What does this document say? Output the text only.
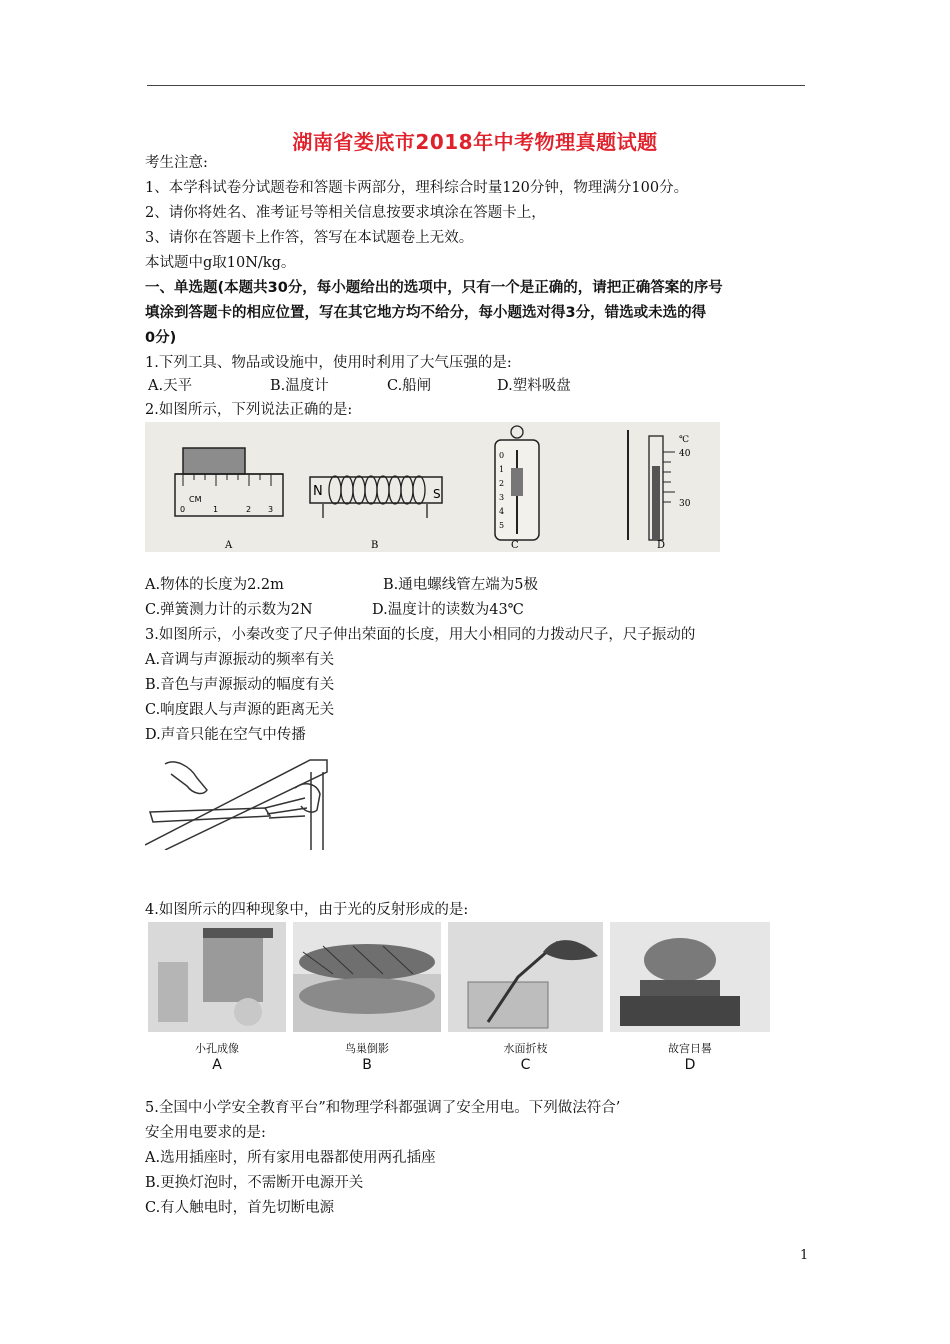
湖南省娄底市2018年中考物理真题试题
考生注意:
1、本学科试卷分试题卷和答题卡两部分，理科综合时量120分钟，物理满分100分。
2、请你将姓名、准考证号等相关信息按要求填涂在答题卡上，
3、请你在答题卡上作答，答写在本试题卷上无效。
本试题中g取10N/kg。
一、单选题(本题共30分，每小题给出的选项中，只有一个是正确的，请把正确答案的序号
填涂到答题卡的相应位置，写在其它地方均不给分，每小题选对得3分，错选或未选的得
0分)
1.下列工具、物品或设施中，使用时利用了大气压强的是:
A.天平	B.温度计	C.船闸	D.塑料吸盘
2.如图所示，下列说法正确的是:
CM
0	1	2 3
N	S
0
1
2
3
4
5
℃
40
30
A	B	C	D
A.物体的长度为2.2m	B.通电螺线管左端为5极
C.弹簧测力计的示数为2N	D.温度计的读数为43℃
3.如图所示，小秦改变了尺子伸出荣面的长度，用大小相同的力拨动尺子，尺子振动的
A.音调与声源振动的频率有关
B.音色与声源振动的幅度有关
C.响度跟人与声源的距离无关
D.声音只能在空气中传播
4.如图所示的四种现象中，由于光的反射形成的是:
小孔成像	鸟巢倒影	水面折枝	故宫日晷
A	B	C	D
5.全国中小学安全教育平台”和物理学科都强调了安全用电。下列做法符合’
安全用电要求的是:
A.选用插座时，所有家用电器都使用两孔插座
B.更换灯泡时，不需断开电源开关
C.有人触电时，首先切断电源
1
